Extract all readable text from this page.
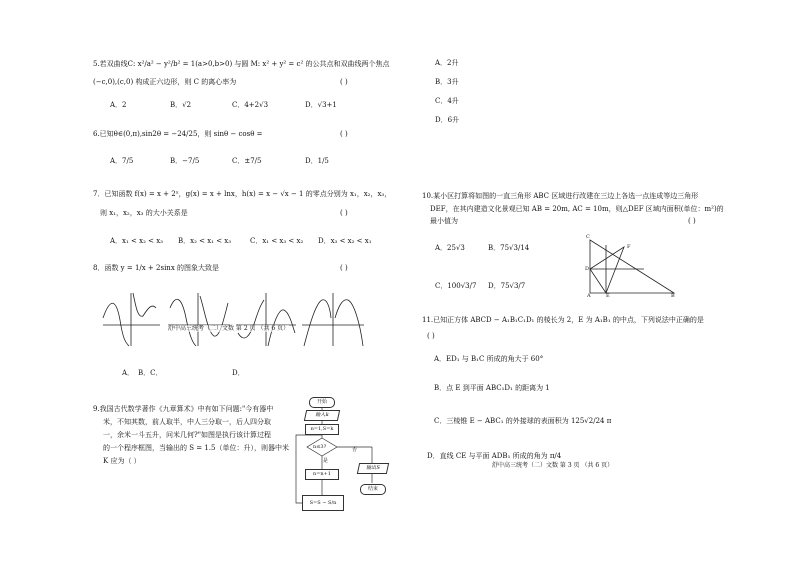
5.若双曲线C: x²/a² − y²/b² = 1(a>0,b>0) 与圆 M: x² + y² = c² 的公共点和双曲线两个焦点
(−c,0),(c,0) 构成正六边形，则 C 的离心率为	( )
A．2	B．√2	C．4+2√3	D．√3+1
6.已知θ∈(0,π),sin2θ = −24/25，则 sinθ − cosθ =	( )
A．7/5	B．−7/5	C．±7/5	D．1/5
7．已知函数 f(x) = x + 2ˣ，g(x) = x + lnx，h(x) = x − √x − 1 的零点分别为 x₁，x₂，x₃，
则 x₁，x₂，x₃ 的大小关系是	( )
A．x₁ < x₂ < x₃ B．x₂ < x₁ < x₃	C．x₁ < x₃ < x₂ D．x₃ < x₂ < x₁
8．函数 y = 1/x + 2sinx 的图象大致是	( )
舒中高三统考（二）文数 第 2 页 （共 6 页）
A． B．C．	D．
9.我国古代数学著作《九章算术》中有如下问题:"今有器中
米，不知其数，前人取半，中人三分取一，后人四分取
一，余米一斗五升，问米几何?"如图是执行该计算过程
的一个程序框图，当输出的 S = 1.5（单位：升），则器中米
K 应为（ ）
开始
输入k
n=1,S=k
n≤3?
是
否
n=n+1
S=S − S/n
输出S
结束
A．2升
B．3升
C．4升
D．6升
10.某小区打算将如图的一直三角形 ABC 区域进行改建在三边上各选一点连成等边三角形
DEF，在其内建造文化景观已知 AB = 20m, AC = 10m，则△DEF 区域内面积(单位：m²)的
最小值为	( )
A．25√3	B．75√3/14
C．100√3/7 D．75√3/7
C
F
D
A	E	B
11.已知正方体 ABCD − A₁B₁C₁D₁ 的棱长为 2，E 为 A₁B₁ 的中点，下列说法中正确的是
( )
A．ED₁ 与 B₁C 所成的角大于 60°
B．点 E 到平面 ABC₁D₁ 的距离为 1
C．三棱锥 E − ABC₁ 的外接球的表面积为 125√2/24 π
D．直线 CE 与平面 ADB₁ 所成的角为 π/4
舒中高三统考（二）文数 第 3 页 （共 6 页）
